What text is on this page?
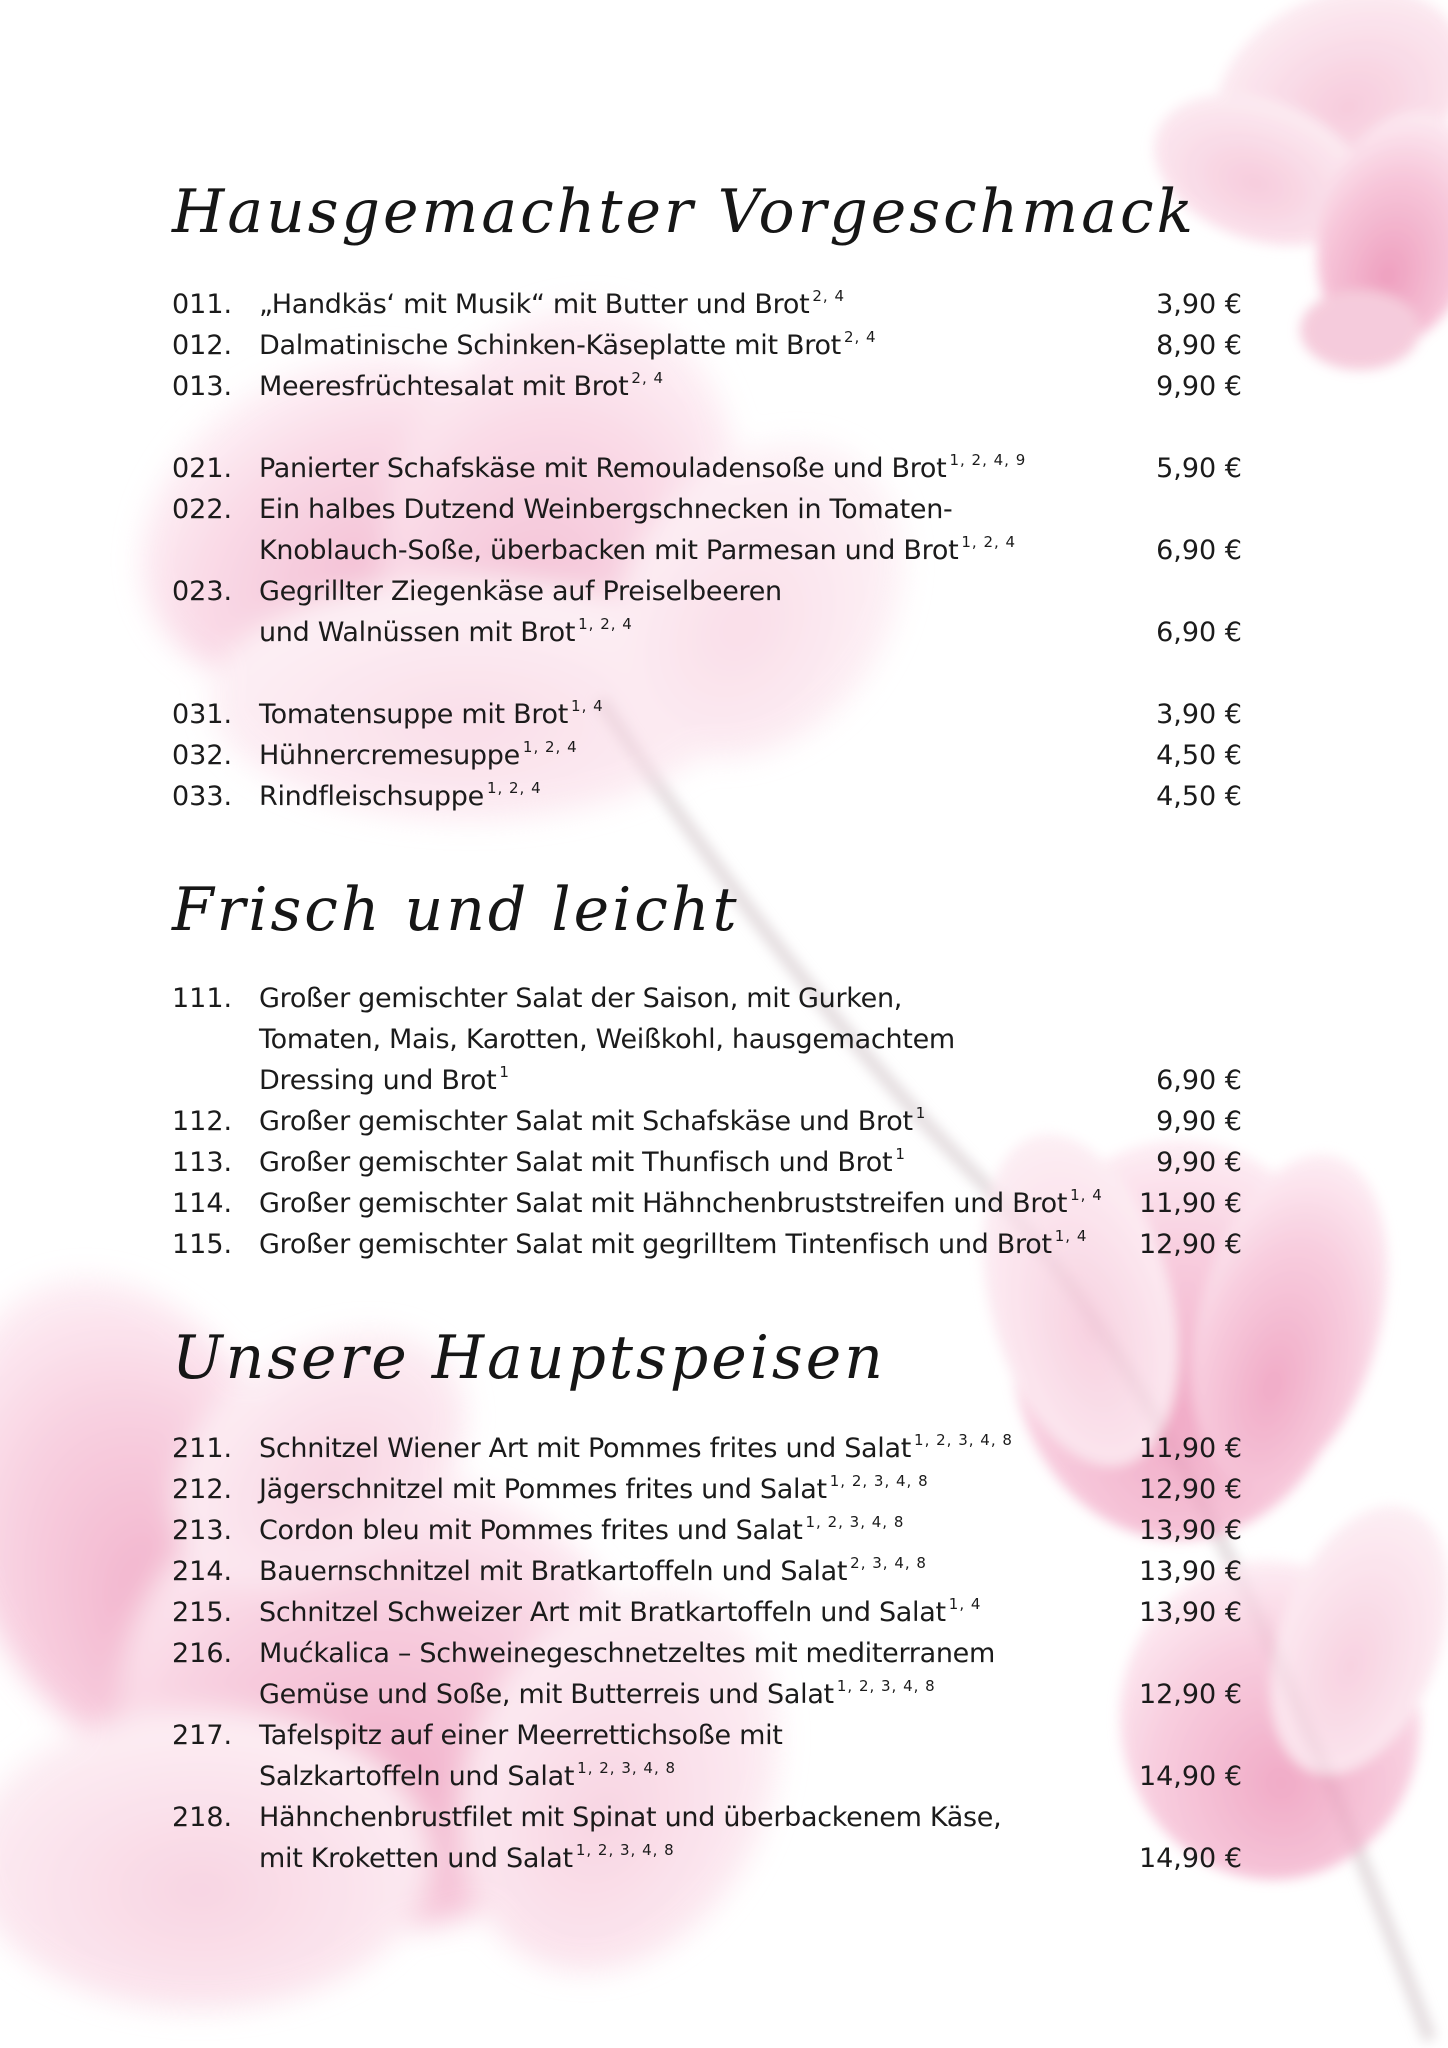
Hausgemachter Vorgeschmack
011. „Handkäs‘ mit Musik“ mit Butter und Brot $^{2, 4}$	3,90 €
012. Dalmatinische Schinken-Käseplatte mit Brot $^{2, 4}$	8,90 €
013. Meeresfrüchtesalat mit Brot $^{2, 4}$	9,90 €
021. Panierter Schafskäse mit Remouladensoße und Brot $^{1, 2, 4, 9}$	5,90 €
022. Ein halbes Dutzend Weinbergschnecken in Tomaten-
Knoblauch-Soße, überbacken mit Parmesan und Brot $^{1, 2, 4}$	6,90 €
023. Gegrillter Ziegenkäse auf Preiselbeeren
und Walnüssen mit Brot $^{1, 2, 4}$	6,90 €
031. Tomatensuppe mit Brot $^{1, 4}$	3,90 €
032. Hühnercremesuppe $^{1, 2, 4}$	4,50 €
033. Rindfleischsuppe $^{1, 2, 4}$	4,50 €
Frisch und leicht
111. Großer gemischter Salat der Saison, mit Gurken,
Tomaten, Mais, Karotten, Weißkohl, hausgemachtem
Dressing und Brot $^1$	6,90 €
112. Großer gemischter Salat mit Schafskäse und Brot $^1$	9,90 €
113. Großer gemischter Salat mit Thunfisch und Brot $^1$	9,90 €
114. Großer gemischter Salat mit Hähnchenbruststreifen und Brot $^{1, 4}$	11,90 €
115. Großer gemischter Salat mit gegrilltem Tintenfisch und Brot $^{1, 4}$	12,90 €
Unsere Hauptspeisen
211. Schnitzel Wiener Art mit Pommes frites und Salat $^{1, 2, 3, 4, 8}$	11,90 €
212. Jägerschnitzel mit Pommes frites und Salat $^{1, 2, 3, 4, 8}$	12,90 €
213. Cordon bleu mit Pommes frites und Salat $^{1, 2, 3, 4, 8}$	13,90 €
214. Bauernschnitzel mit Bratkartoffeln und Salat $^{2, 3, 4, 8}$	13,90 €
215. Schnitzel Schweizer Art mit Bratkartoffeln und Salat $^{1, 4}$	13,90 €
216. Mućkalica – Schweinegeschnetzeltes mit mediterranem
Gemüse und Soße, mit Butterreis und Salat $^{1, 2, 3, 4, 8}$	12,90 €
217. Tafelspitz auf einer Meerrettichsoße mit
Salzkartoffeln und Salat $^{1, 2, 3, 4, 8}$	14,90 €
218. Hähnchenbrustfilet mit Spinat und überbackenem Käse,
mit Kroketten und Salat $^{1, 2, 3, 4, 8}$	14,90 €
